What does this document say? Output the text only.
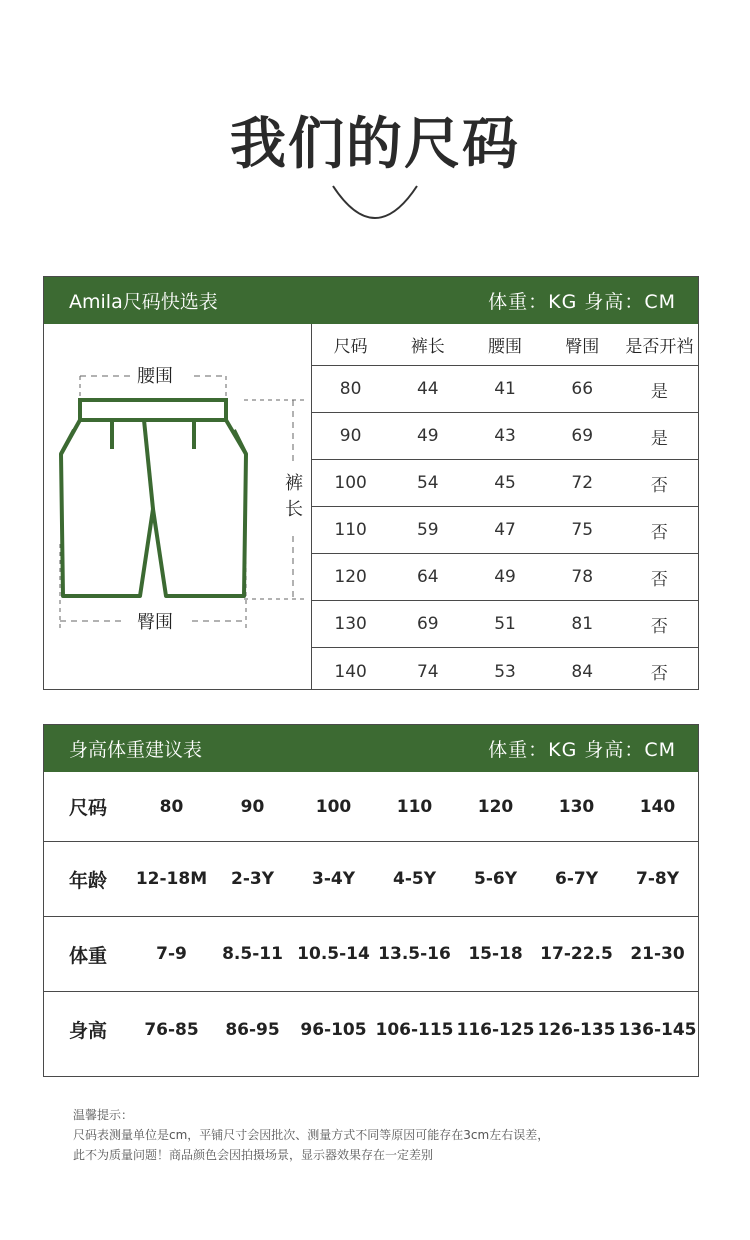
我们的尺码
Amila尺码快选表	体重：KG 身高：CM
腰围
裤
长
臀围
尺码	裤长	腰围	臀围	是否开裆
80	44	41	66	是
90	49	43	69	是
100	54	45	72	否
110	59	47	75	否
120	64	49	78	否
130	69	51	81	否
140	74	53	84	否
身高体重建议表	体重：KG 身高：CM
尺码	80	90	100	110	120	130	140
年龄	12-18M	2-3Y	3-4Y	4-5Y	5-6Y	6-7Y	7-8Y
体重	7-9	8.5-11 10.5-14 13.5-16	15-18	17-22.5	21-30
身高	76-85	86-95	96-105 106-115 116-125 126-135 136-145
温馨提示：
尺码表测量单位是cm，平铺尺寸会因批次、测量方式不同等原因可能存在3cm左右误差，
此不为质量问题！商品颜色会因拍摄场景，显示器效果存在一定差别
